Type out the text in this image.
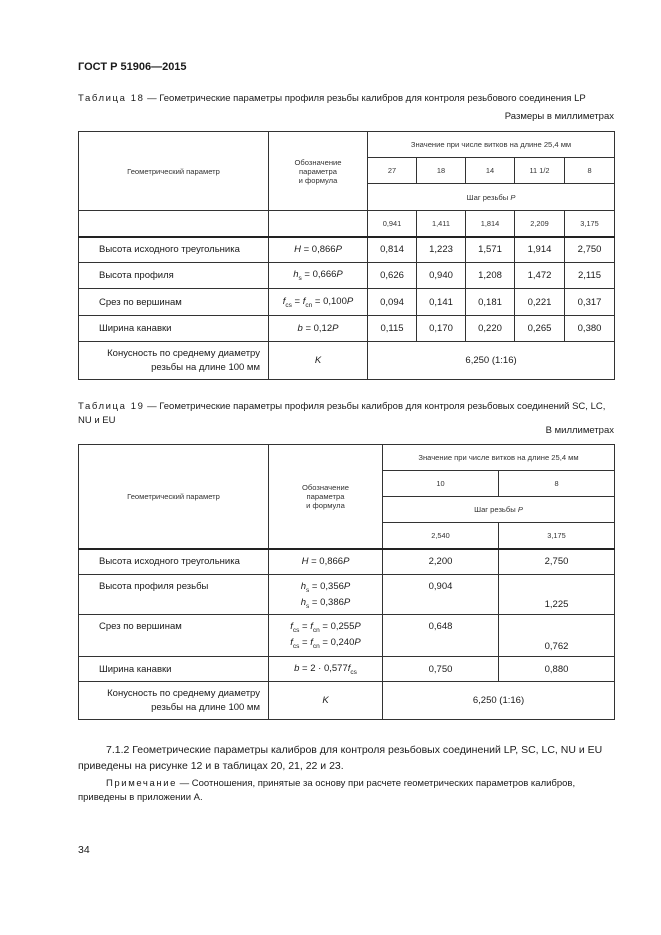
ГОСТ Р 51906—2015
Таблица 18 — Геометрические параметры профиля резьбы калибров для контроля резьбового соединения LP
Размеры в миллиметрах
Геометрический параметр	Обозначение
параметра
и формула	Значение при числе витков на длине 25,4 мм				
		27	18	14	11 1/2	8
		Шаг резьбы P				
		0,941	1,411	1,814	2,209	3,175
Высота исходного треугольника	H = 0,866P	0,814	1,223	1,571	1,914	2,750
Высота профиля	$h_s = 0,666P$	0,626	0,940	1,208	1,472	2,115
Срез по вершинам	$f_{cs} = f_{cn} = 0,100P$	0,094	0,141	0,181	0,221	0,317
Ширина канавки	b = 0,12P	0,115	0,170	0,220	0,265	0,380
Конусность по среднему диаметру
резьбы на длине 100 мм	K	6,250 (1:16)				
Таблица 19 — Геометрические параметры профиля резьбы калибров для контроля резьбовых соединений SC, LC, NU и EU
В миллиметрах
Геометрический параметр	Обозначение
параметра
и формула	Значение при числе витков на длине 25,4 мм	
		10	8
		Шаг резьбы P	
		2,540	3,175
Высота исходного треугольника	H = 0,866P	2,200	2,750
Высота профиля резьбы	$h_s = 0,356P$
$h_s = 0,386P$	0,904	1,225
Срез по вершинам	$f_{cs} = f_{cn} = 0,255P$
$f_{cs} = f_{cn} = 0,240P$	0,648	0,762
Ширина канавки	$b = 2 \cdot 0,577f_{cs}$	0,750	0,880
Конусность по среднему диаметру
резьбы на длине 100 мм	K	6,250 (1:16)	
7.1.2 Геометрические параметры калибров для контроля резьбовых соединений LP, SC, LC, NU и EU приведены на рисунке 12 и в таблицах 20, 21, 22 и 23.
Примечание — Соотношения, принятые за основу при расчете геометрических параметров калибров, приведены в приложении А.
34
